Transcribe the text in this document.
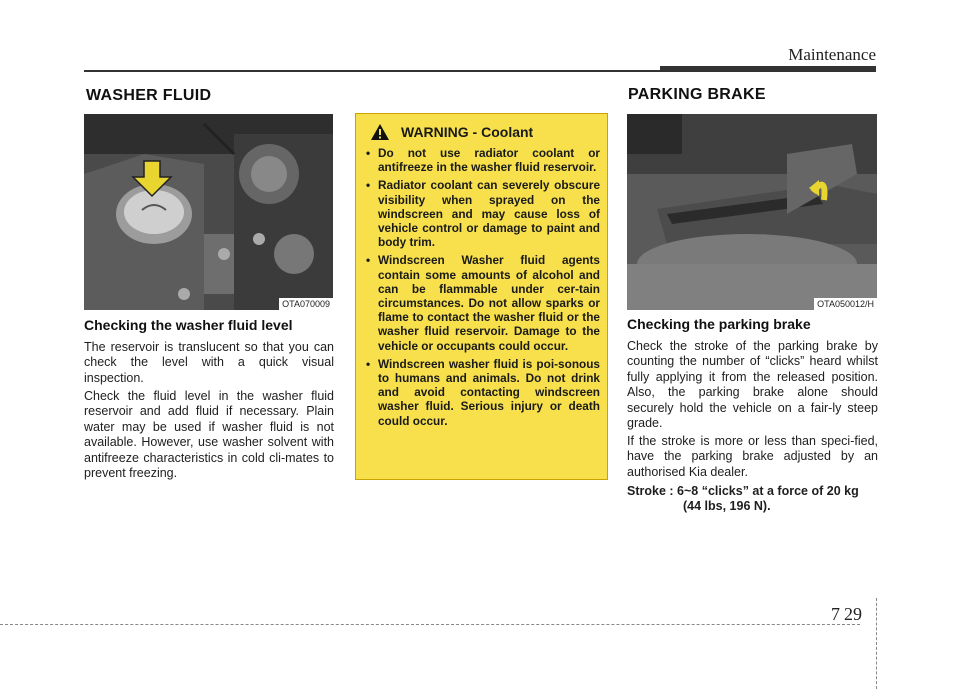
Maintenance
WASHER FLUID	PARKING BRAKE
OTA070009	OTA050012/H
Checking the washer fluid level
The reservoir is translucent so that you can check the level with a quick visual inspection.
Check the fluid level in the washer fluid reservoir and add fluid if necessary. Plain water may be used if washer fluid is not available. However, use washer solvent with antifreeze characteristics in cold cli-mates to prevent freezing.
WARNING -
Coolant
• Do not use radiator coolant or antifreeze in the washer fluid reservoir.
• Radiator coolant can severely obscure visibility when sprayed on the windscreen and may cause loss of vehicle control or damage to paint and body trim.
• Windscreen Washer fluid agents contain some amounts of alcohol and can be flammable under cer-tain circumstances. Do not allow sparks or flame to contact the washer fluid or the washer fluid reservoir. Damage to the vehicle or occupants could occur.
• Windscreen washer fluid is poi-sonous to humans and animals. Do not drink and avoid contacting windscreen washer fluid. Serious injury or death could occur.
Checking the parking brake
Check the stroke of the parking brake by counting the number of “clicks” heard whilst fully applying it from the released position. Also, the parking brake alone should securely hold the vehicle on a fair-ly steep grade.
If the stroke is more or less than speci-fied, have the parking brake adjusted by an authorised Kia dealer.
Stroke : 6~8 “clicks” at a force of 20 kg
(44 lbs, 196 N).
7 29
